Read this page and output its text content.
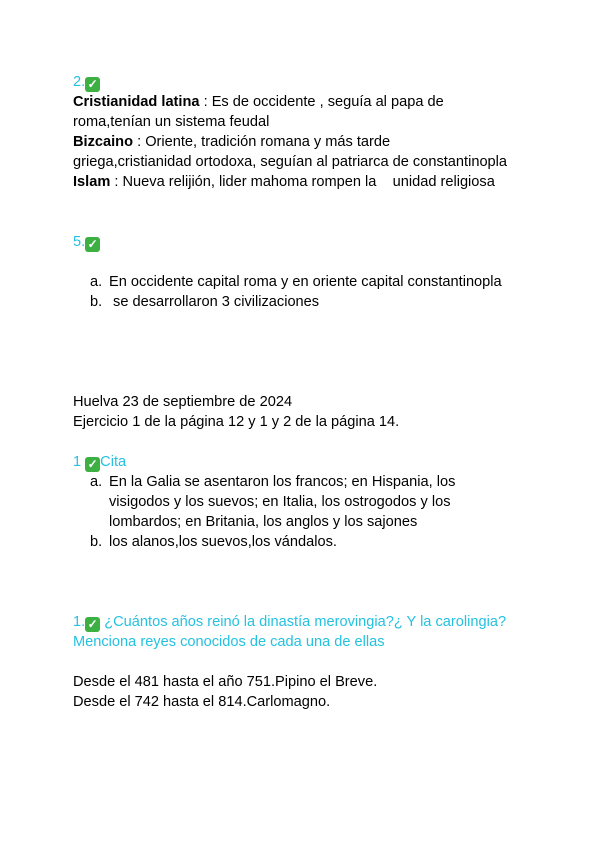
2. ✓
Cristianidad latina : Es de occidente , seguía al papa de
roma,tenían un sistema feudal
Bizcaino : Oriente, tradición romana y más tarde
griega,cristianidad ortodoxa, seguían al patriarca de constantinopla
Islam : Nueva relijión, lider mahoma rompen la    unidad religiosa
5. ✓
a. En occidente capital roma y en oriente capital constantinopla
b. se desarrollaron 3 civilizaciones
Huelva 23 de septiembre de 2024
Ejercicio 1 de la página 12 y 1 y 2 de la página 14.
1 ✓ Cita
a. En la Galia se asentaron los francos; en Hispania, los
visigodos y los suevos; en Italia, los ostrogodos y los
lombardos; en Britania, los anglos y los sajones
b. los alanos,los suevos,los vándalos.
1. ✓ ¿Cuántos años reinó la dinastía merovingia?¿ Y la carolingia?
Menciona reyes conocidos de cada una de ellas
Desde el 481 hasta el año 751.Pipino el Breve.
Desde el 742 hasta el 814.Carlomagno.
